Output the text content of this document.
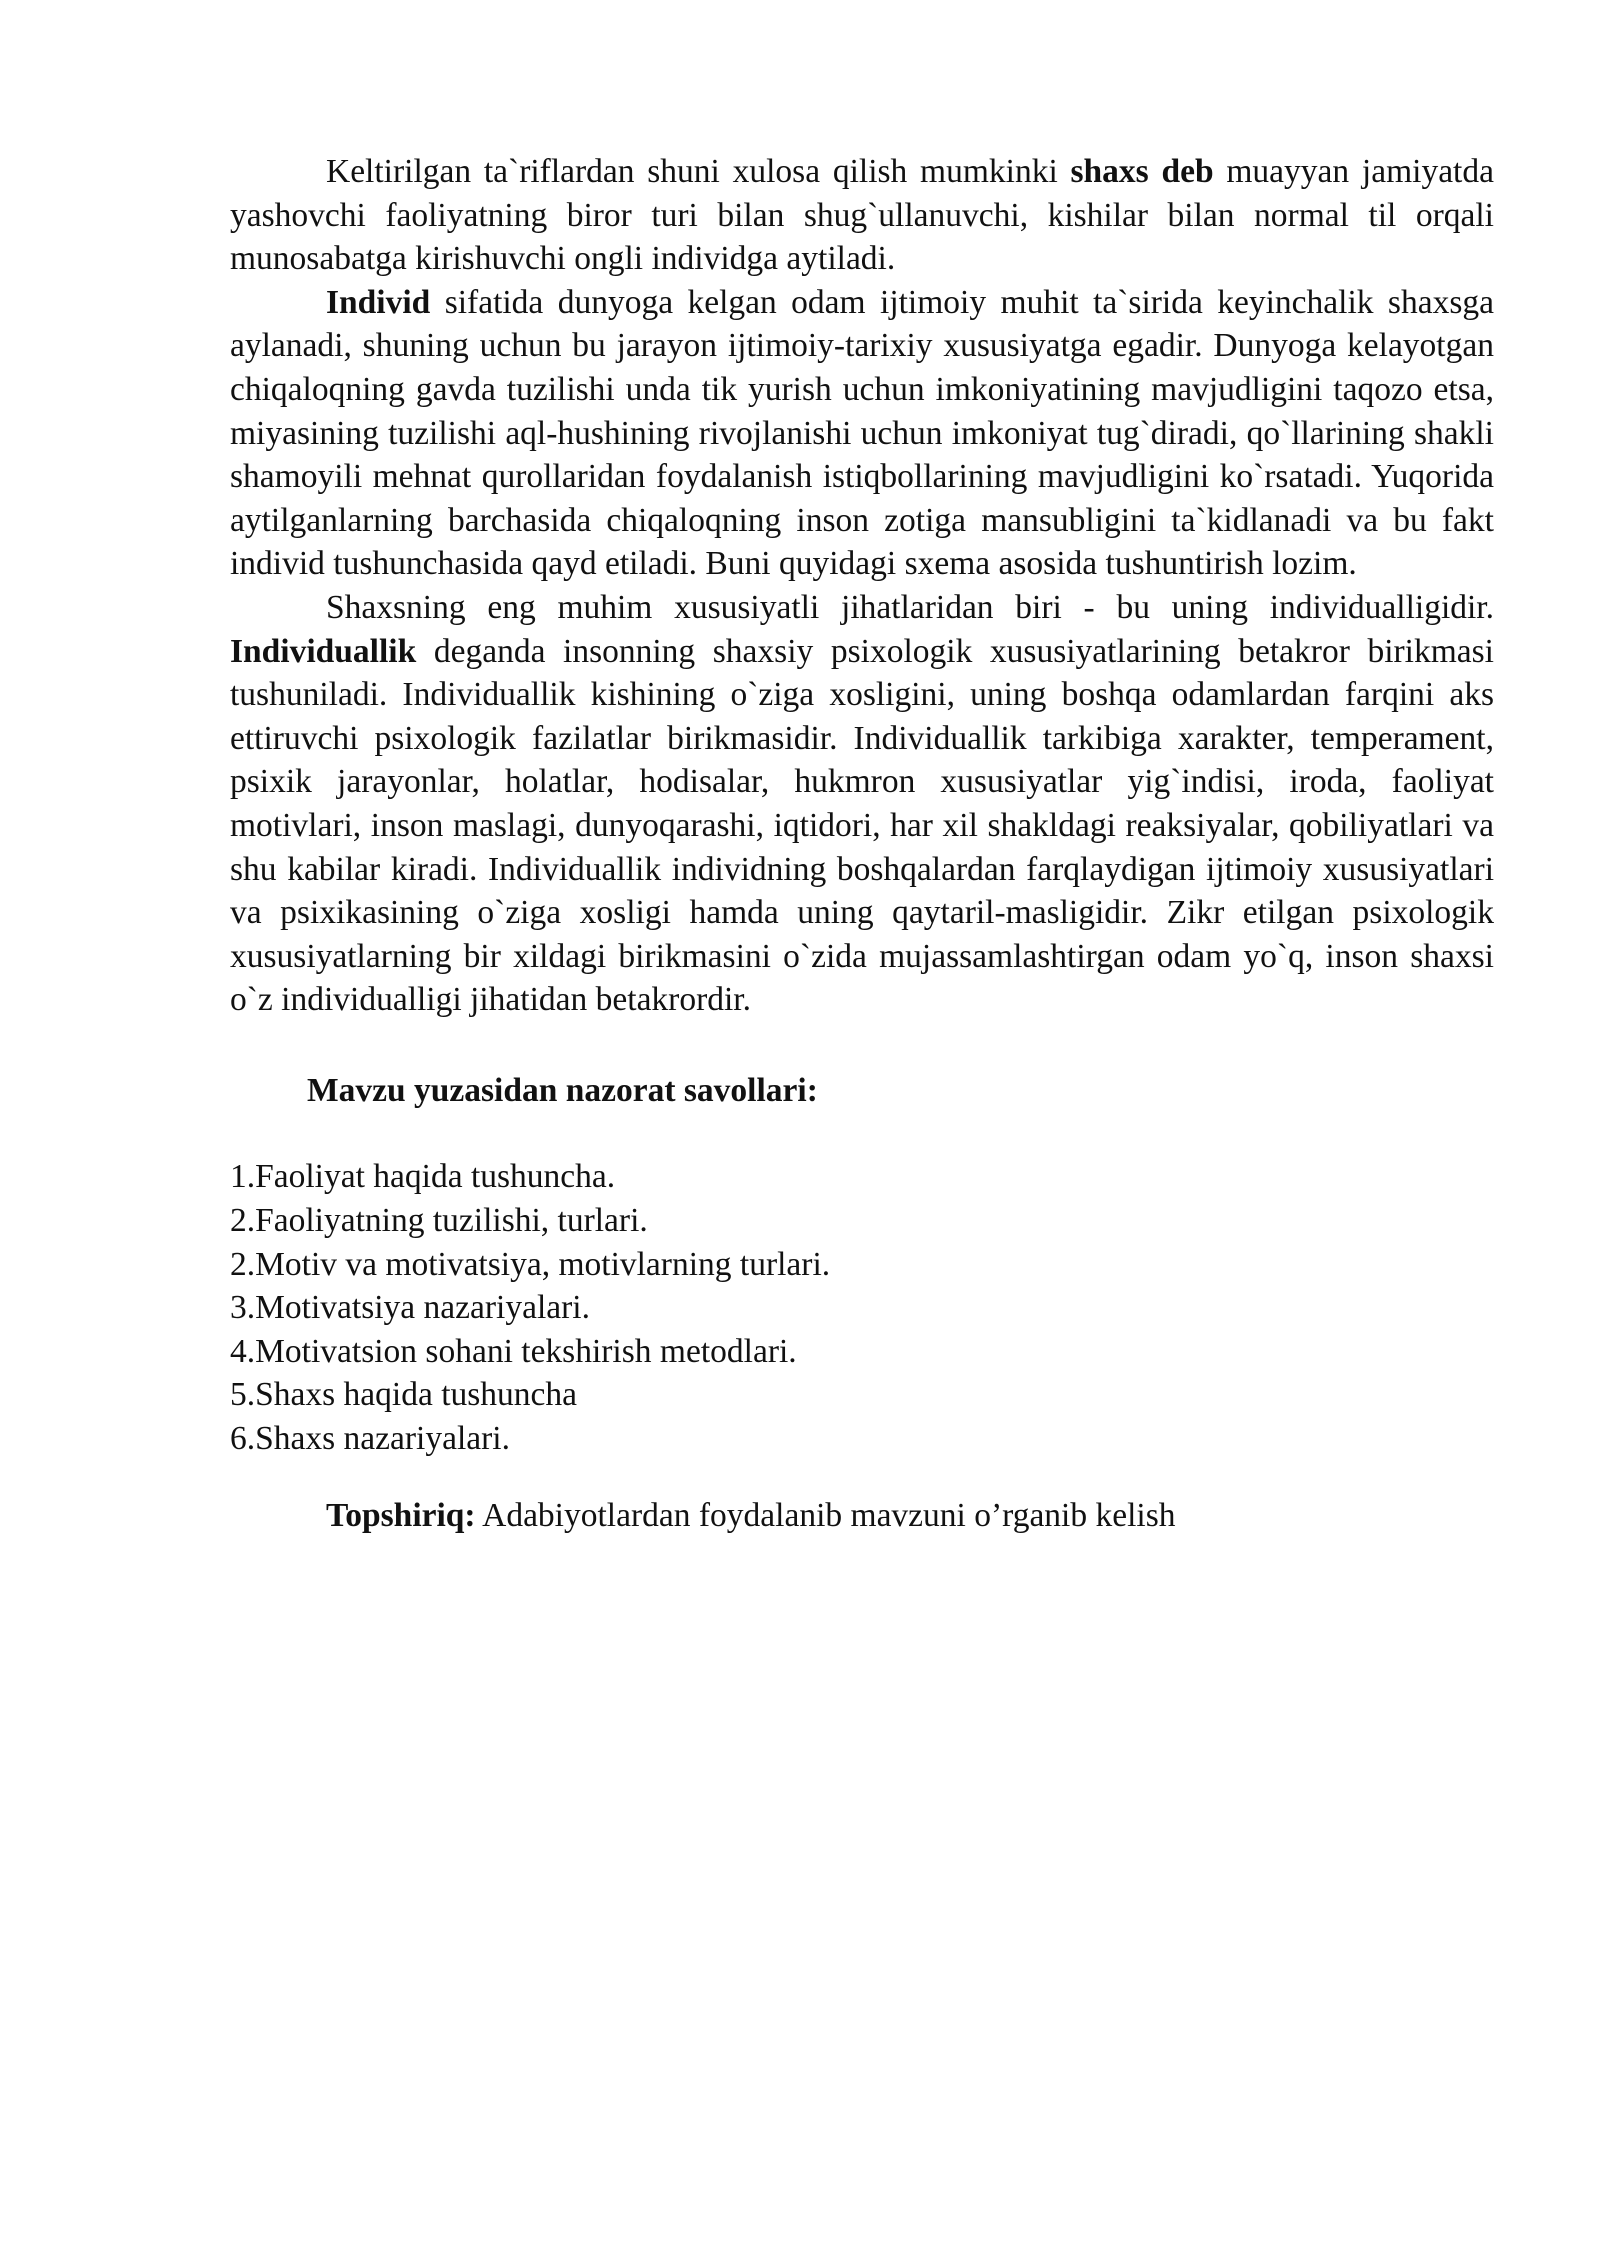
Keltirilgan ta`riflardan shuni xulosa qilish mumkinki shaxs deb muayyan jamiyatda yashovchi faoliyatning biror turi bilan shug`ullanuvchi, kishilar bilan normal til orqali munosabatga kirishuvchi ongli individga aytiladi.

Individ sifatida dunyoga kelgan odam ijtimoiy muhit ta`sirida keyinchalik shaxsga aylanadi, shuning uchun bu jarayon ijtimoiy-tarixiy xususiyatga egadir. Dunyoga kelayotgan chiqaloqning gavda tuzilishi unda tik yurish uchun imkoniyatining mavjudligini taqozo etsa, miyasining tuzilishi aql-hushining rivojlanishi uchun imkoniyat tug`diradi, qo`llarining shakli shamoyili mehnat qurollaridan foydalanish istiqbollarining mavjudligini ko`rsatadi. Yuqorida aytilganlarning barchasida chiqaloqning inson zotiga mansubligini ta`kidlanadi va bu fakt individ tushunchasida qayd etiladi. Buni quyidagi sxema asosida tushuntirish lozim.

Shaxsning eng muhim xususiyatli jihatlaridan biri - bu uning individualligidir. Individuallik deganda insonning shaxsiy psixologik xususiyatlarining betakror birikmasi tushuniladi. Individuallik kishining o`ziga xosligini, uning boshqa odamlardan farqini aks ettiruvchi psixologik fazilatlar birikmasidir. Individuallik tarkibiga xarakter, temperament, psixik jarayonlar, holatlar, hodisalar, hukmron xususiyatlar yig`indisi, iroda, faoliyat motivlari, inson maslagi, dunyoqarashi, iqtidori, har xil shakldagi reaksiyalar, qobiliyatlari va shu kabilar kiradi. Individuallik individning boshqalardan farqlaydigan ijtimoiy xususiyatlari va psixikasining o`ziga xosligi hamda uning qaytaril-masligidir. Zikr etilgan psixologik xususiyatlarning bir xildagi birikmasini o`zida mujassamlashtirgan odam yo`q, inson shaxsi o`z individualligi jihatidan betakrordir.

Mavzu yuzasidan nazorat savollari:

1.Faoliyat haqida tushuncha.
2.Faoliyatning tuzilishi, turlari.
2.Motiv va motivatsiya, motivlarning turlari.
3.Motivatsiya nazariyalari.
4.Motivatsion sohani tekshirish metodlari.
5.Shaxs haqida tushuncha
6.Shaxs nazariyalari.

Topshiriq: Adabiyotlardan foydalanib mavzuni o’rganib kelish
